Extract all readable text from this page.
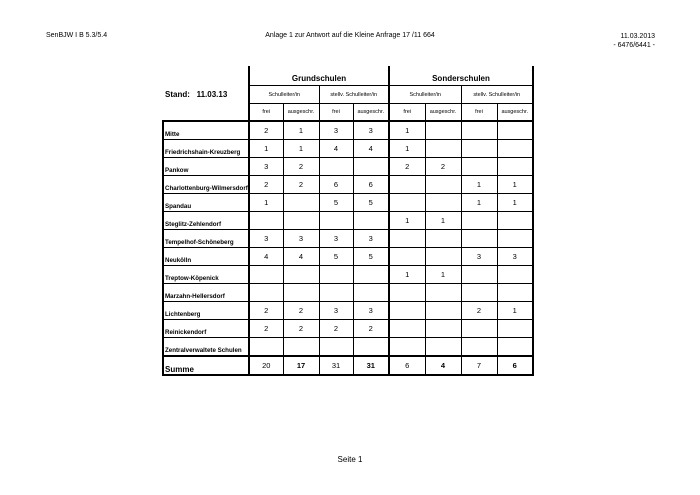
SenBJW I B 5.3/5.4	Anlage 1 zur Antwort auf die Kleine Anfrage 17 /11 664	11.03.2013
- 6476/6441 -
	Grundschulen				Sonderschulen			
Stand: 11.03.13	Schulleiter/in		stellv. Schulleiter/in		Schulleiter/in		stellv. Schulleiter/in	
	frei	ausgeschr.	frei	ausgeschr.	frei	ausgeschr.	frei	ausgeschr.
Mitte	2	1	3	3	1			
Friedrichshain-Kreuzberg	1	1	4	4	1			
Pankow	3	2			2	2		
Charlottenburg-Wilmersdorf	2	2	6	6			1	1
Spandau	1		5	5			1	1
Steglitz-Zehlendorf					1	1		
Tempelhof-Schöneberg	3	3	3	3				
Neukölln	4	4	5	5			3	3
Treptow-Köpenick					1	1		
Marzahn-Hellersdorf								
Lichtenberg	2	2	3	3			2	1
Reinickendorf	2	2	2	2				
Zentralverwaltete Schulen								
Summe	20	17	31	31	6	4	7	6
Seite 1
